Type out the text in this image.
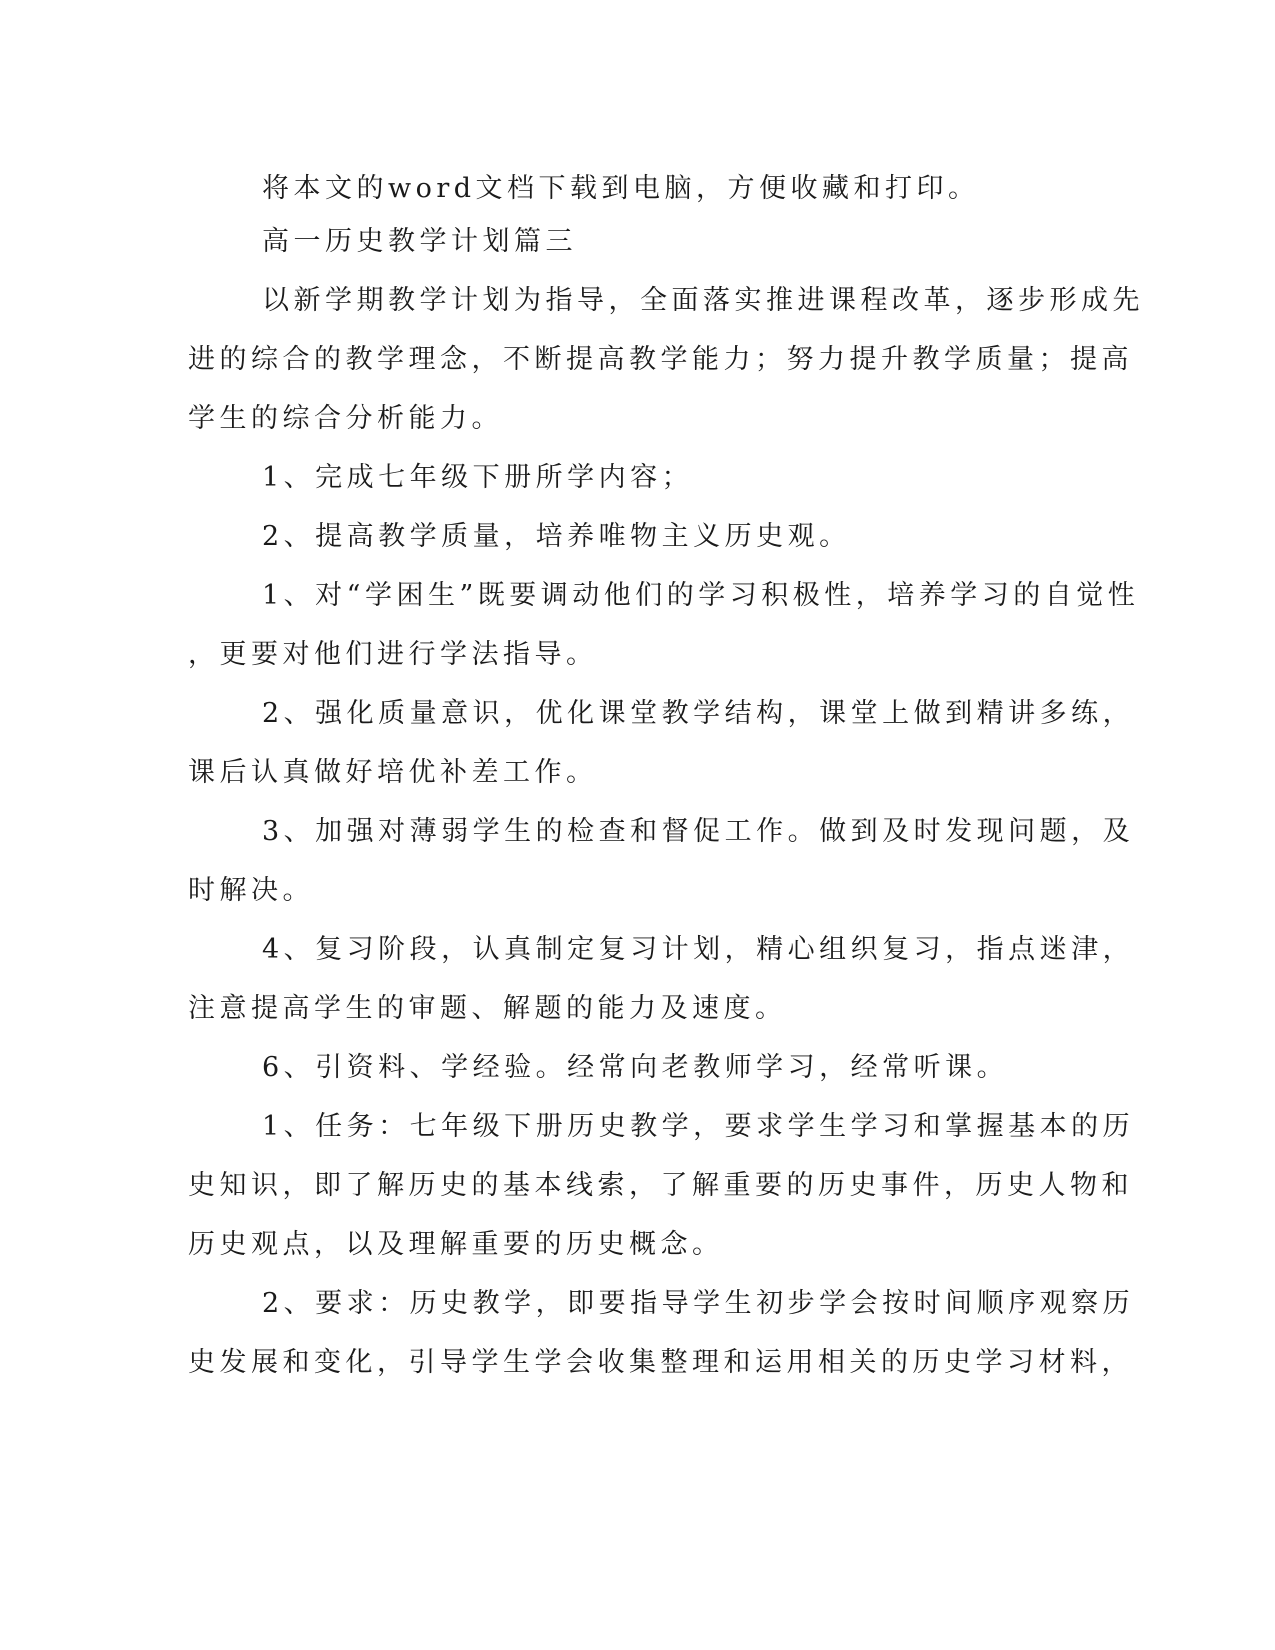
将本文的word文档下载到电脑，方便收藏和打印。
高一历史教学计划篇三
以新学期教学计划为指导，全面落实推进课程改革，逐步形成先
进的综合的教学理念，不断提高教学能力；努力提升教学质量；提高
学生的综合分析能力。
1、完成七年级下册所学内容；
2、提高教学质量，培养唯物主义历史观。
1、对“学困生”既要调动他们的学习积极性，培养学习的自觉性
，更要对他们进行学法指导。
2、强化质量意识，优化课堂教学结构，课堂上做到精讲多练，
课后认真做好培优补差工作。
3、加强对薄弱学生的检查和督促工作。做到及时发现问题，及
时解决。
4、复习阶段，认真制定复习计划，精心组织复习，指点迷津，
注意提高学生的审题、解题的能力及速度。
6、引资料、学经验。经常向老教师学习，经常听课。
1、任务：七年级下册历史教学，要求学生学习和掌握基本的历
史知识，即了解历史的基本线索，了解重要的历史事件，历史人物和
历史观点，以及理解重要的历史概念。
2、要求：历史教学，即要指导学生初步学会按时间顺序观察历
史发展和变化，引导学生学会收集整理和运用相关的历史学习材料，
